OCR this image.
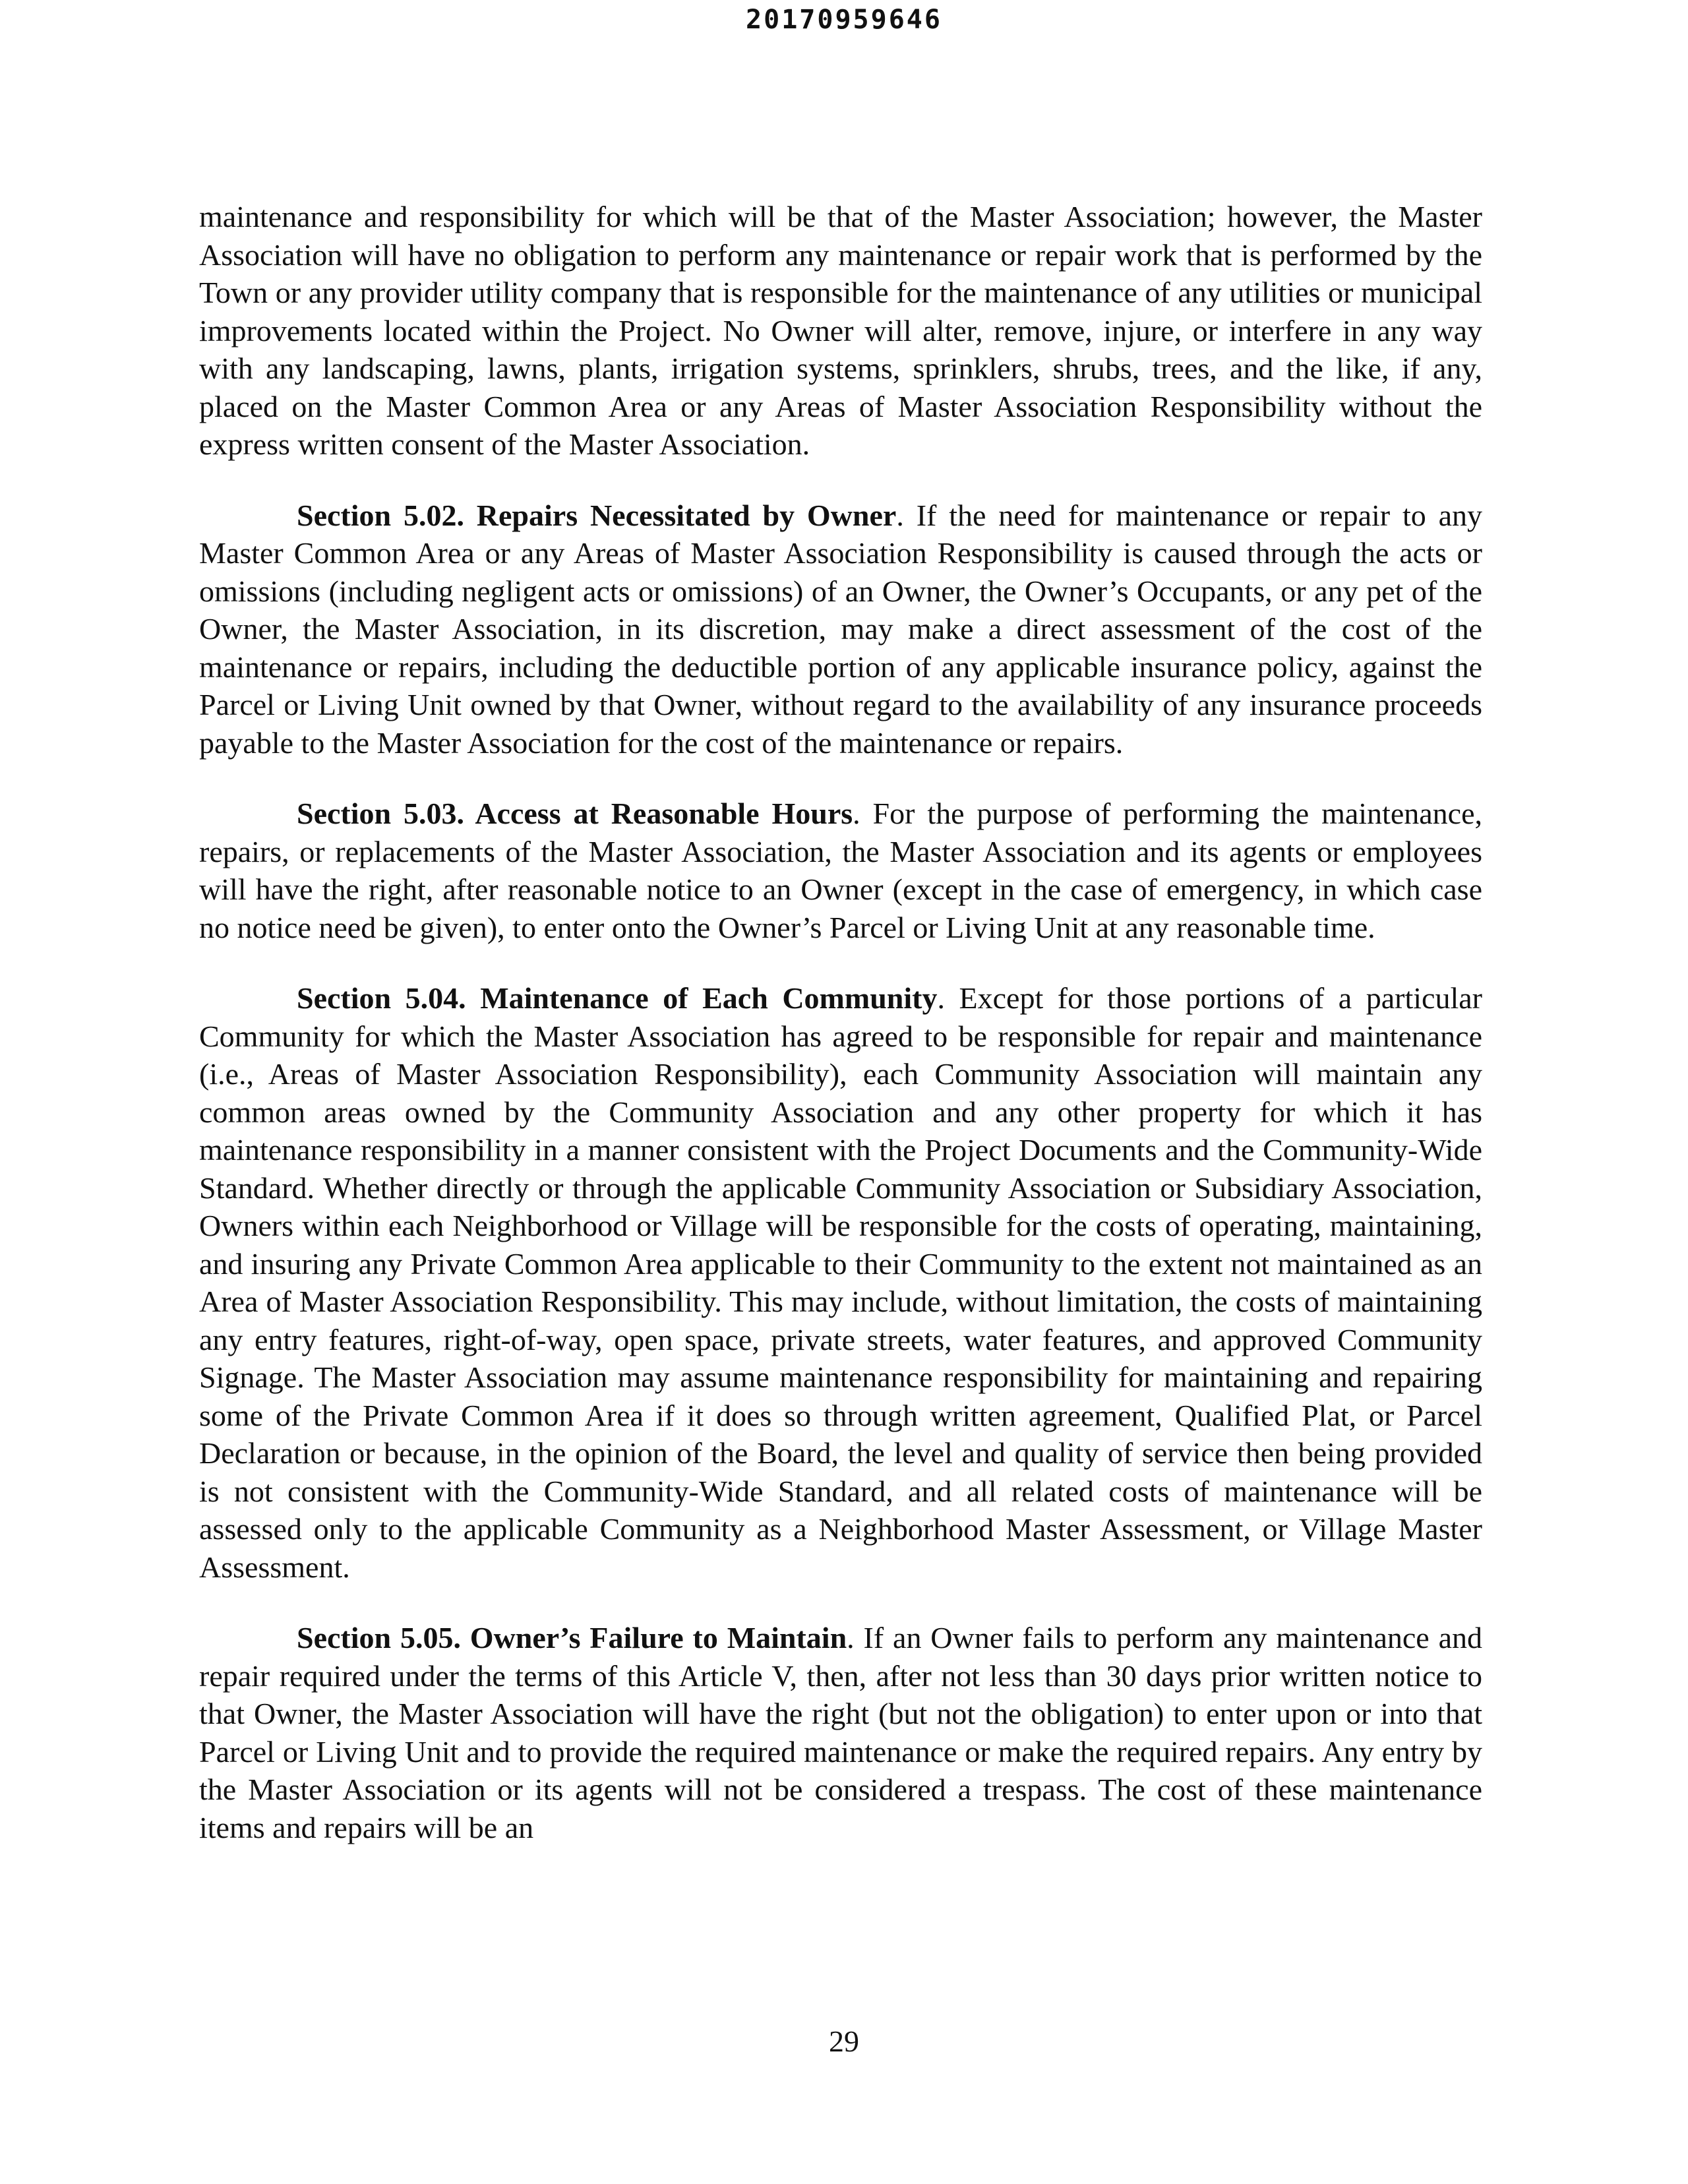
20170959646

maintenance and responsibility for which will be that of the Master Association; however, the Master Association will have no obligation to perform any maintenance or repair work that is performed by the Town or any provider utility company that is responsible for the maintenance of any utilities or municipal improvements located within the Project. No Owner will alter, remove, injure, or interfere in any way with any landscaping, lawns, plants, irrigation systems, sprinklers, shrubs, trees, and the like, if any, placed on the Master Common Area or any Areas of Master Association Responsibility without the express written consent of the Master Association.

Section 5.02. Repairs Necessitated by Owner. If the need for maintenance or repair to any Master Common Area or any Areas of Master Association Responsibility is caused through the acts or omissions (including negligent acts or omissions) of an Owner, the Owner’s Occupants, or any pet of the Owner, the Master Association, in its discretion, may make a direct assessment of the cost of the maintenance or repairs, including the deductible portion of any applicable insurance policy, against the Parcel or Living Unit owned by that Owner, without regard to the availability of any insurance proceeds payable to the Master Association for the cost of the maintenance or repairs.

Section 5.03. Access at Reasonable Hours. For the purpose of performing the maintenance, repairs, or replacements of the Master Association, the Master Association and its agents or employees will have the right, after reasonable notice to an Owner (except in the case of emergency, in which case no notice need be given), to enter onto the Owner’s Parcel or Living Unit at any reasonable time.

Section 5.04. Maintenance of Each Community. Except for those portions of a particular Community for which the Master Association has agreed to be responsible for repair and maintenance (i.e., Areas of Master Association Responsibility), each Community Association will maintain any common areas owned by the Community Association and any other property for which it has maintenance responsibility in a manner consistent with the Project Documents and the Community-Wide Standard. Whether directly or through the applicable Community Association or Subsidiary Association, Owners within each Neighborhood or Village will be responsible for the costs of operating, maintaining, and insuring any Private Common Area applicable to their Community to the extent not maintained as an Area of Master Association Responsibility. This may include, without limitation, the costs of maintaining any entry features, right-of-way, open space, private streets, water features, and approved Community Signage. The Master Association may assume maintenance responsibility for maintaining and repairing some of the Private Common Area if it does so through written agreement, Qualified Plat, or Parcel Declaration or because, in the opinion of the Board, the level and quality of service then being provided is not consistent with the Community-Wide Standard, and all related costs of maintenance will be assessed only to the applicable Community as a Neighborhood Master Assessment, or Village Master Assessment.

Section 5.05. Owner’s Failure to Maintain. If an Owner fails to perform any maintenance and repair required under the terms of this Article V, then, after not less than 30 days prior written notice to that Owner, the Master Association will have the right (but not the obligation) to enter upon or into that Parcel or Living Unit and to provide the required maintenance or make the required repairs. Any entry by the Master Association or its agents will not be considered a trespass. The cost of these maintenance items and repairs will be an

29
